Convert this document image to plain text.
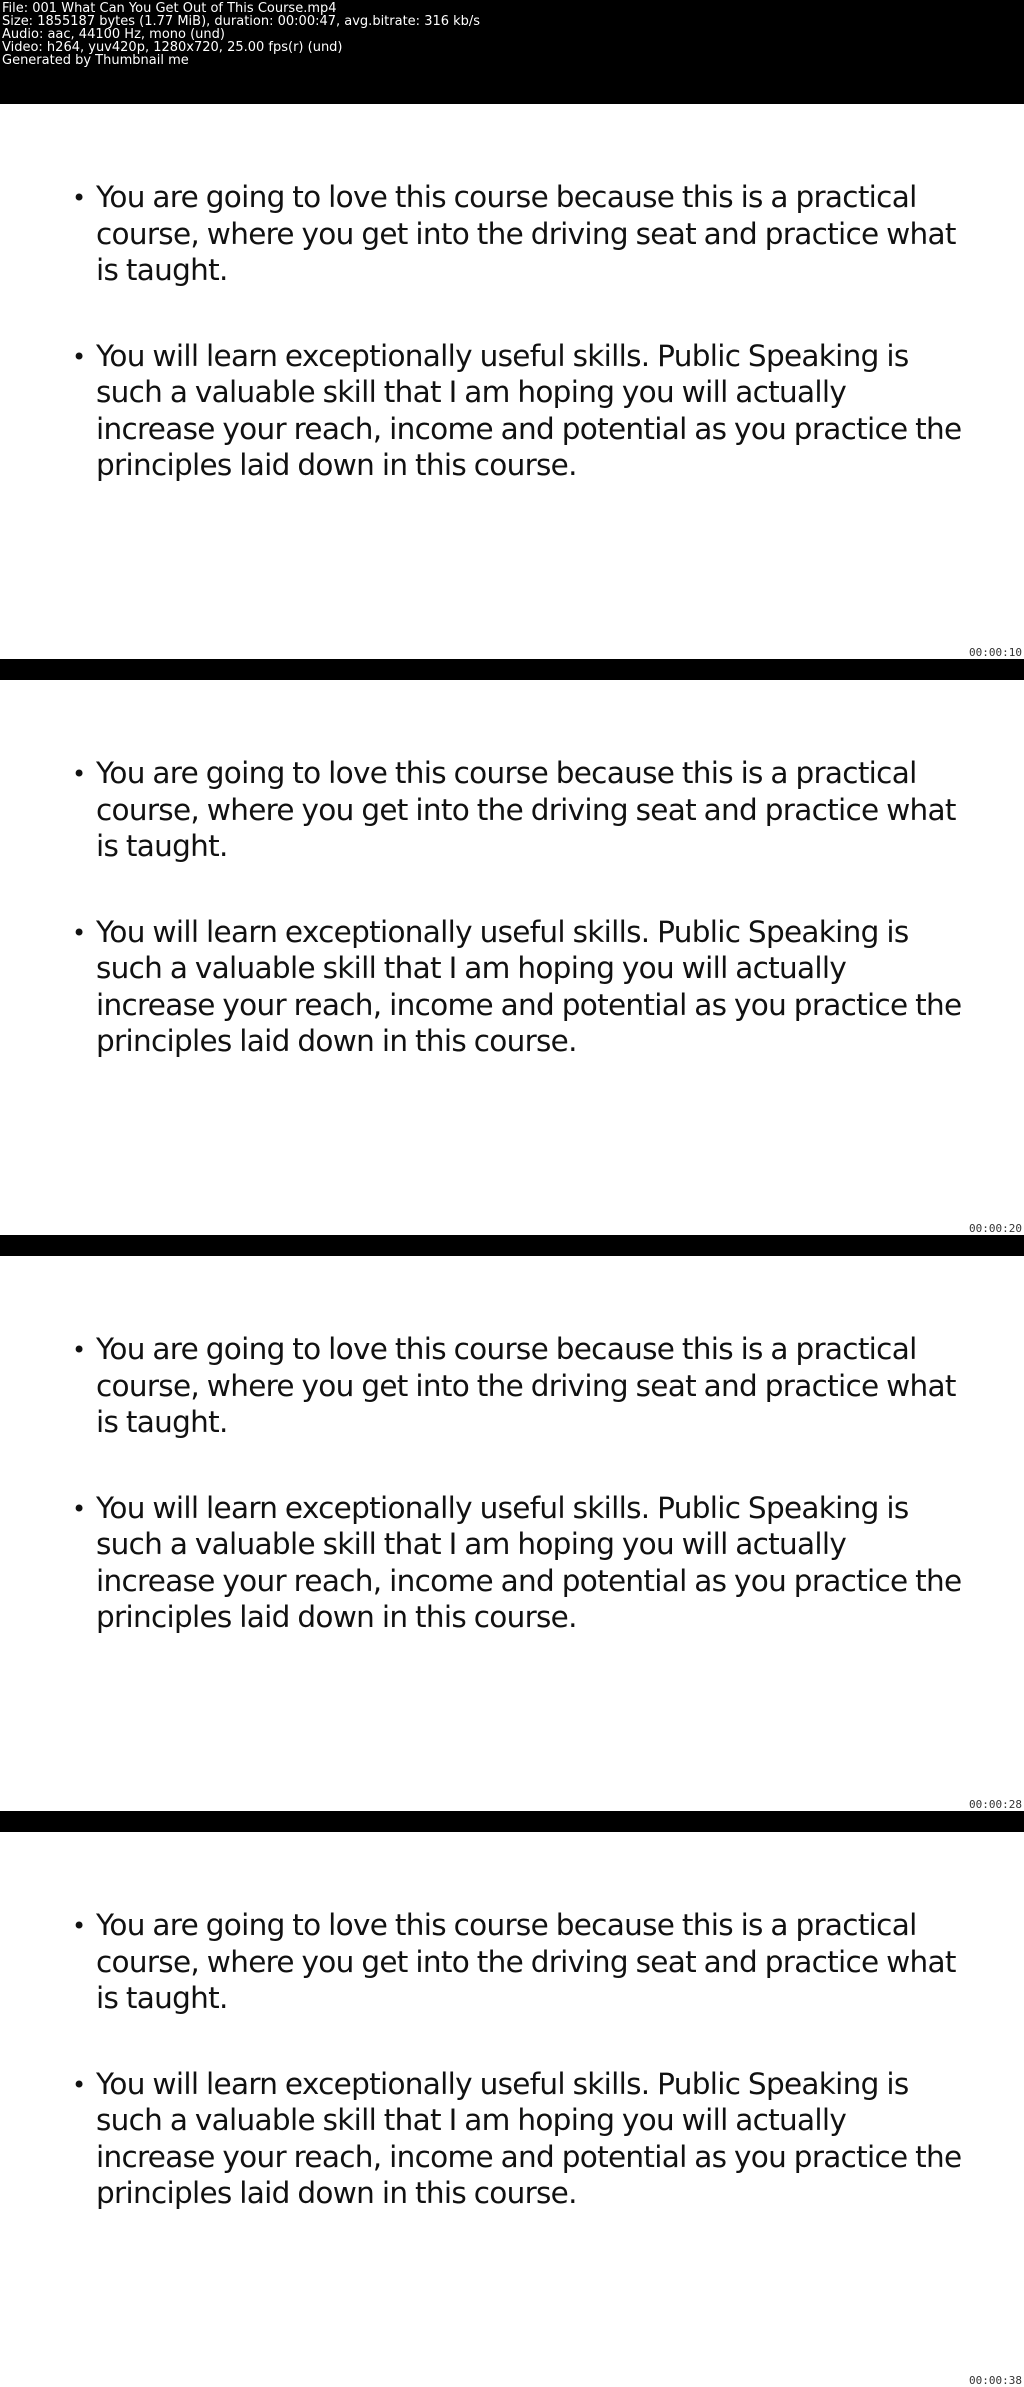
File: 001 What Can You Get Out of This Course.mp4
Size: 1855187 bytes (1.77 MiB), duration: 00:00:47, avg.bitrate: 316 kb/s
Audio: aac, 44100 Hz, mono (und)
Video: h264, yuv420p, 1280x720, 25.00 fps(r) (und)
Generated by Thumbnail me
• You are going to love this course because this is a practical course, where you get into the driving seat and practice what is taught.
• You will learn exceptionally useful skills. Public Speaking is such a valuable skill that I am hoping you will actually increase your reach, income and potential as you practice the principles laid down in this course.
00:00:10
• You are going to love this course because this is a practical course, where you get into the driving seat and practice what is taught.
• You will learn exceptionally useful skills. Public Speaking is such a valuable skill that I am hoping you will actually increase your reach, income and potential as you practice the principles laid down in this course.
00:00:20
• You are going to love this course because this is a practical course, where you get into the driving seat and practice what is taught.
• You will learn exceptionally useful skills. Public Speaking is such a valuable skill that I am hoping you will actually increase your reach, income and potential as you practice the principles laid down in this course.
00:00:28
• You are going to love this course because this is a practical course, where you get into the driving seat and practice what is taught.
• You will learn exceptionally useful skills. Public Speaking is such a valuable skill that I am hoping you will actually increase your reach, income and potential as you practice the principles laid down in this course.
00:00:38
